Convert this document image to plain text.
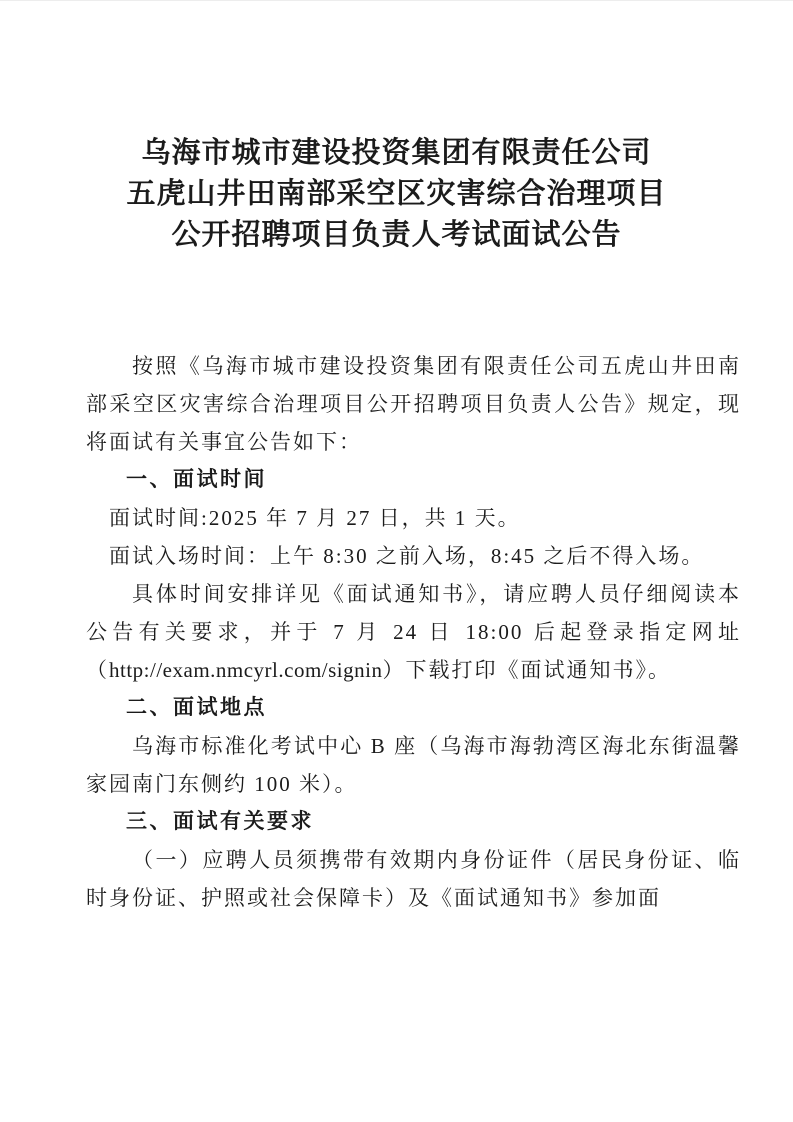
乌海市城市建设投资集团有限责任公司
五虎山井田南部采空区灾害综合治理项目
公开招聘项目负责人考试面试公告

按照《乌海市城市建设投资集团有限责任公司五虎山井田南部采空区灾害综合治理项目公开招聘项目负责人公告》规定，现将面试有关事宜公告如下：

一、面试时间

面试时间:2025 年 7 月 27 日，共 1 天。

面试入场时间：上午 8:30 之前入场，8:45 之后不得入场。

具体时间安排详见《面试通知书》，请应聘人员仔细阅读本公告有关要求，并于 7 月 24 日 18:00 后起登录指定网址（http://exam.nmcyrl.com/signin）下载打印《面试通知书》。

二、面试地点

乌海市标准化考试中心 B 座（乌海市海勃湾区海北东街温馨家园南门东侧约 100 米）。

三、面试有关要求

（一）应聘人员须携带有效期内身份证件（居民身份证、临时身份证、护照或社会保障卡）及《面试通知书》参加面
